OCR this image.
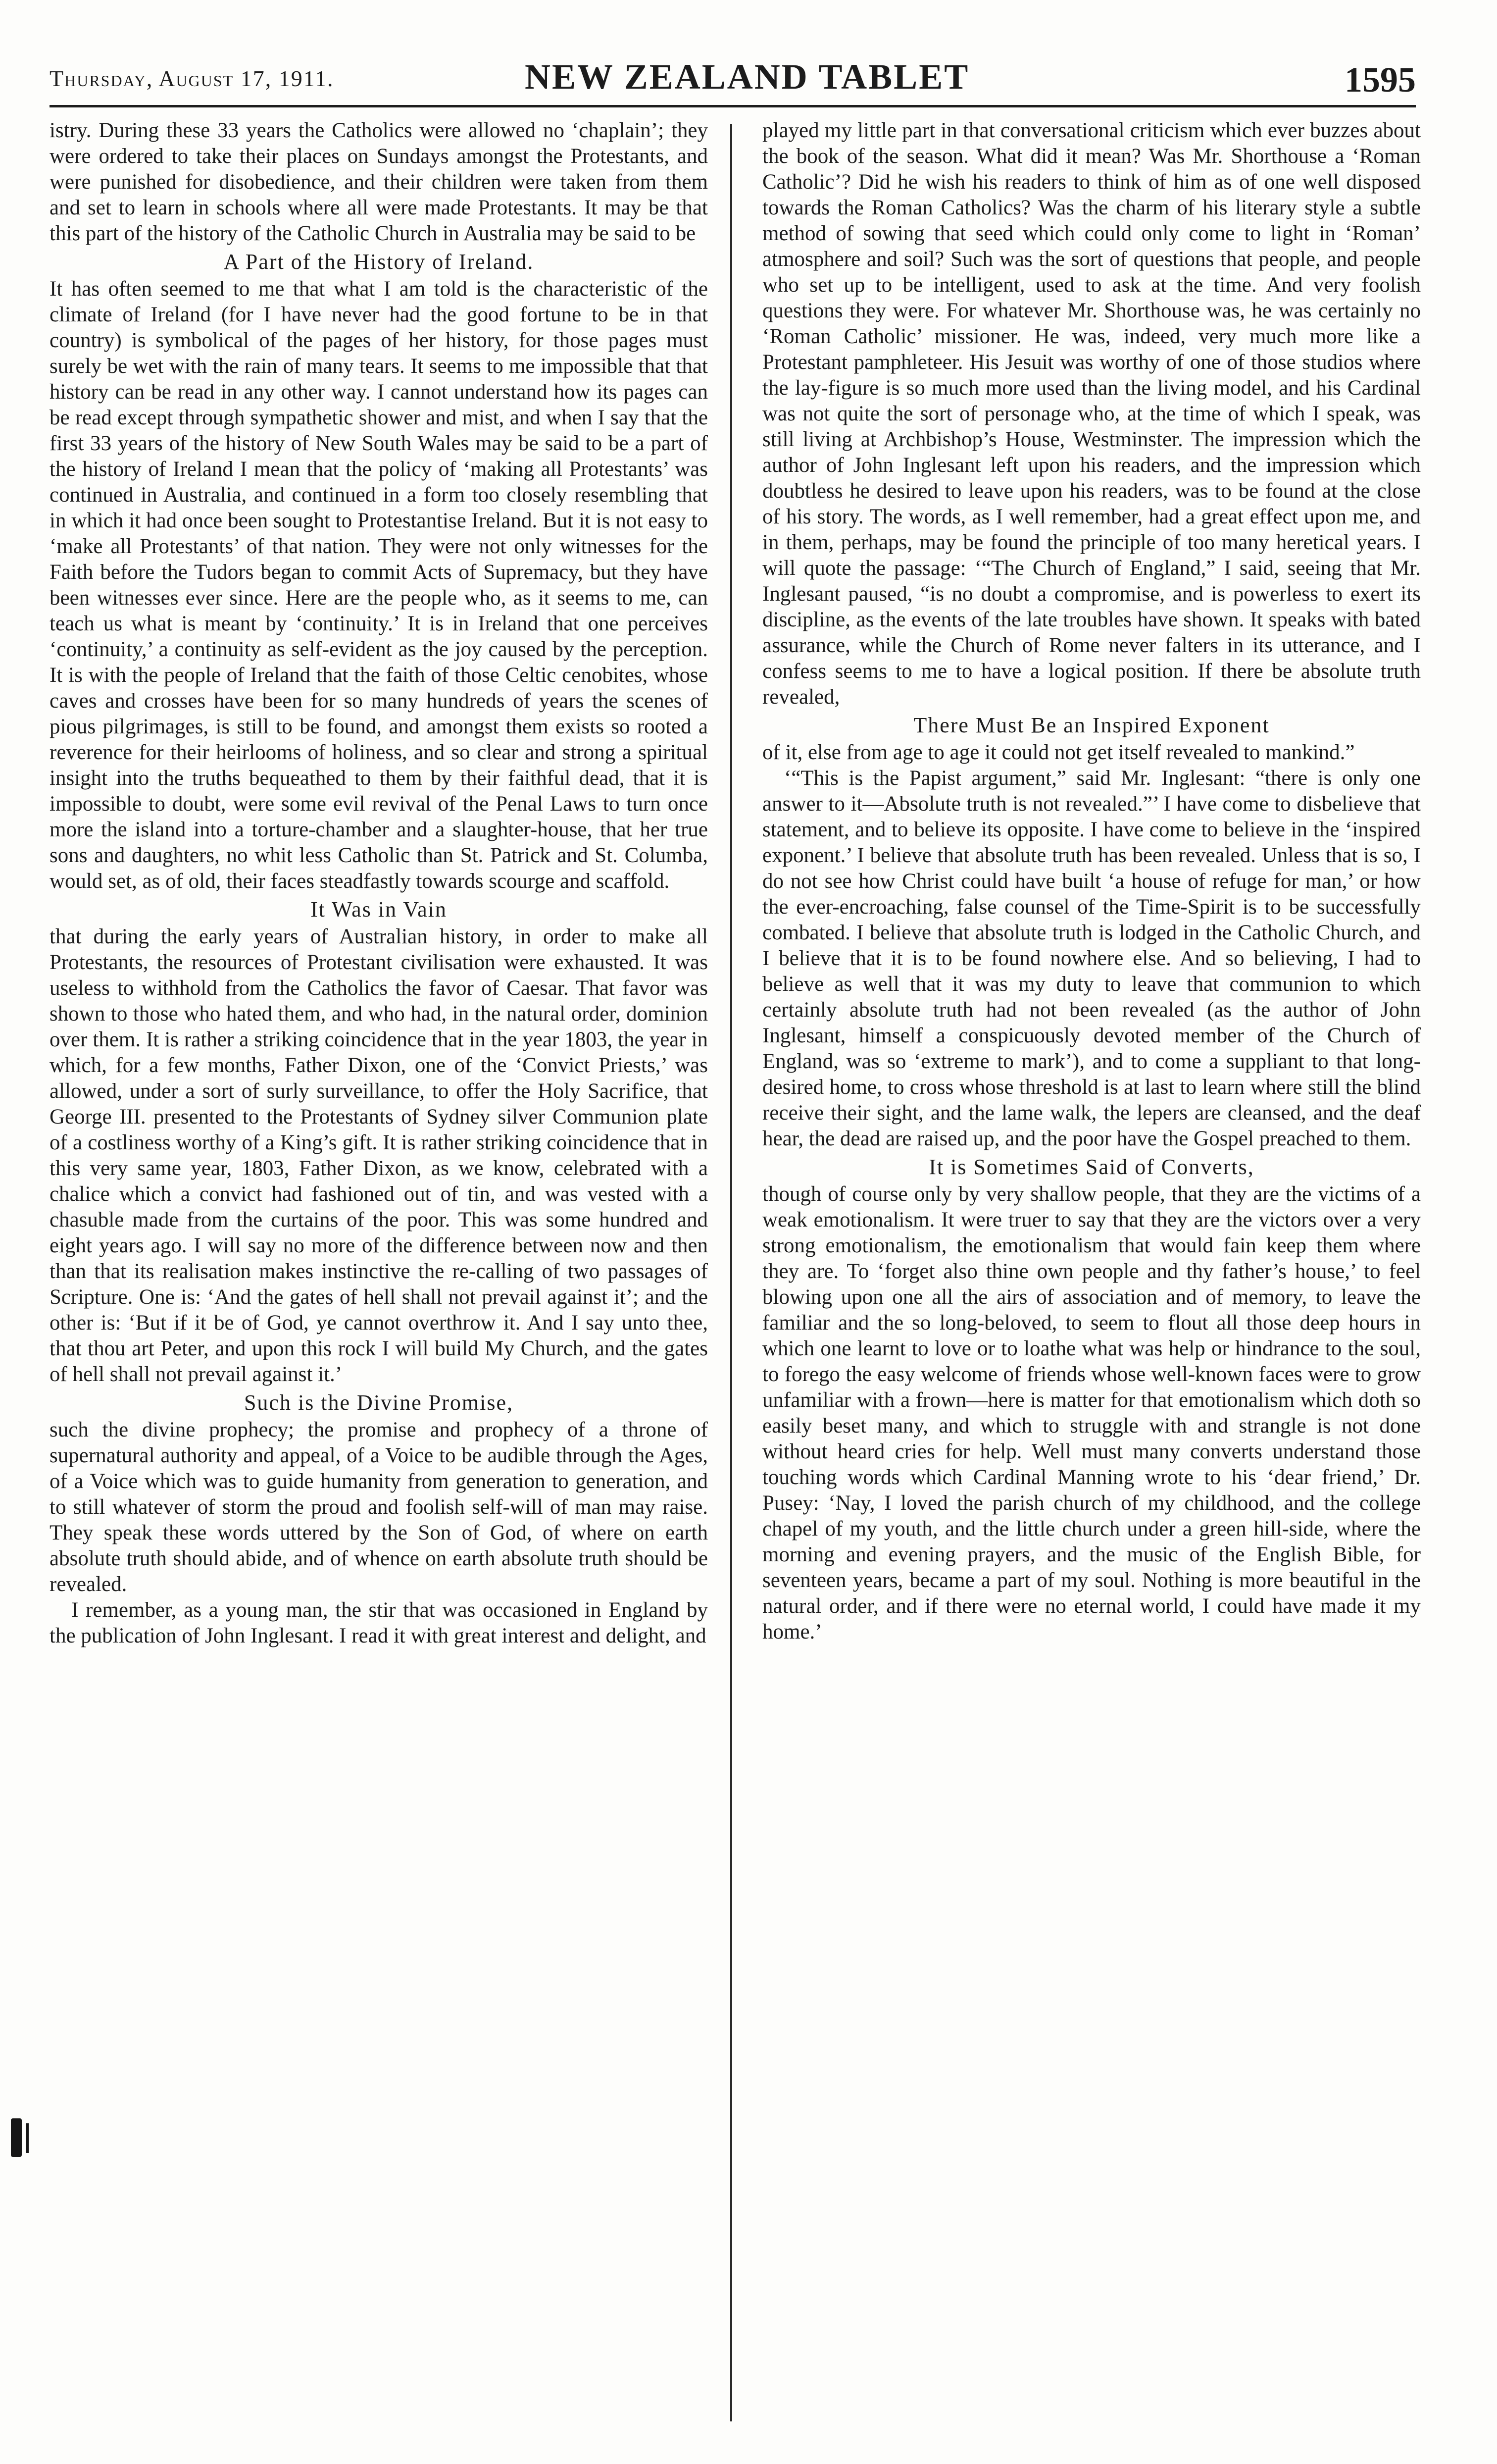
Thursday, August 17, 1911.	NEW ZEALAND TABLET	1595

istry. During these 33 years the Catholics were allowed no ‘chaplain’; they were ordered to take their places on Sundays amongst the Protestants, and were punished for disobedience, and their children were taken from them and set to learn in schools where all were made Protestants. It may be that this part of the history of the Catholic Church in Australia may be said to be

A Part of the History of Ireland.

It has often seemed to me that what I am told is the characteristic of the climate of Ireland (for I have never had the good fortune to be in that country) is symbolical of the pages of her history, for those pages must surely be wet with the rain of many tears. It seems to me impossible that that history can be read in any other way. I cannot understand how its pages can be read except through sympathetic shower and mist, and when I say that the first 33 years of the history of New South Wales may be said to be a part of the history of Ireland I mean that the policy of ‘making all Protestants’ was continued in Australia, and continued in a form too closely resembling that in which it had once been sought to Protestantise Ireland. But it is not easy to ‘make all Protestants’ of that nation. They were not only witnesses for the Faith before the Tudors began to commit Acts of Supremacy, but they have been witnesses ever since. Here are the people who, as it seems to me, can teach us what is meant by ‘continuity.’ It is in Ireland that one perceives ‘continuity,’ a continuity as self-evident as the joy caused by the perception. It is with the people of Ireland that the faith of those Celtic cenobites, whose caves and crosses have been for so many hundreds of years the scenes of pious pilgrimages, is still to be found, and amongst them exists so rooted a reverence for their heirlooms of holiness, and so clear and strong a spiritual insight into the truths bequeathed to them by their faithful dead, that it is impossible to doubt, were some evil revival of the Penal Laws to turn once more the island into a torture-chamber and a slaughter-house, that her true sons and daughters, no whit less Catholic than St. Patrick and St. Columba, would set, as of old, their faces steadfastly towards scourge and scaffold.

It Was in Vain

that during the early years of Australian history, in order to make all Protestants, the resources of Protestant civilisation were exhausted. It was useless to withhold from the Catholics the favor of Caesar. That favor was shown to those who hated them, and who had, in the natural order, dominion over them. It is rather a striking coincidence that in the year 1803, the year in which, for a few months, Father Dixon, one of the ‘Convict Priests,’ was allowed, under a sort of surly surveillance, to offer the Holy Sacrifice, that George III. presented to the Protestants of Sydney silver Communion plate of a costliness worthy of a King’s gift. It is rather striking coincidence that in this very same year, 1803, Father Dixon, as we know, celebrated with a chalice which a convict had fashioned out of tin, and was vested with a chasuble made from the curtains of the poor. This was some hundred and eight years ago. I will say no more of the difference between now and then than that its realisation makes instinctive the re-calling of two passages of Scripture. One is: ‘And the gates of hell shall not prevail against it’; and the other is: ‘But if it be of God, ye cannot overthrow it. And I say unto thee, that thou art Peter, and upon this rock I will build My Church, and the gates of hell shall not prevail against it.’

Such is the Divine Promise,

such the divine prophecy; the promise and prophecy of a throne of supernatural authority and appeal, of a Voice to be audible through the Ages, of a Voice which was to guide humanity from generation to generation, and to still whatever of storm the proud and foolish self-will of man may raise. They speak these words uttered by the Son of God, of where on earth absolute truth should abide, and of whence on earth absolute truth should be revealed.

I remember, as a young man, the stir that was occasioned in England by the publication of John Inglesant. I read it with great interest and delight, and

played my little part in that conversational criticism which ever buzzes about the book of the season. What did it mean? Was Mr. Shorthouse a ‘Roman Catholic’? Did he wish his readers to think of him as of one well disposed towards the Roman Catholics? Was the charm of his literary style a subtle method of sowing that seed which could only come to light in ‘Roman’ atmosphere and soil? Such was the sort of questions that people, and people who set up to be intelligent, used to ask at the time. And very foolish questions they were. For whatever Mr. Shorthouse was, he was certainly no ‘Roman Catholic’ missioner. He was, indeed, very much more like a Protestant pamphleteer. His Jesuit was worthy of one of those studios where the lay-figure is so much more used than the living model, and his Cardinal was not quite the sort of personage who, at the time of which I speak, was still living at Archbishop’s House, Westminster. The impression which the author of John Inglesant left upon his readers, and the impression which doubtless he desired to leave upon his readers, was to be found at the close of his story. The words, as I well remember, had a great effect upon me, and in them, perhaps, may be found the principle of too many heretical years. I will quote the passage: ‘“The Church of England,” I said, seeing that Mr. Inglesant paused, “is no doubt a compromise, and is powerless to exert its discipline, as the events of the late troubles have shown. It speaks with bated assurance, while the Church of Rome never falters in its utterance, and I confess seems to me to have a logical position. If there be absolute truth revealed,

There Must Be an Inspired Exponent

of it, else from age to age it could not get itself revealed to mankind.”

‘“This is the Papist argument,” said Mr. Inglesant: “there is only one answer to it—Absolute truth is not revealed.”’ I have come to disbelieve that statement, and to believe its opposite. I have come to believe in the ‘inspired exponent.’ I believe that absolute truth has been revealed. Unless that is so, I do not see how Christ could have built ‘a house of refuge for man,’ or how the ever-encroaching, false counsel of the Time-Spirit is to be successfully combated. I believe that absolute truth is lodged in the Catholic Church, and I believe that it is to be found nowhere else. And so believing, I had to believe as well that it was my duty to leave that communion to which certainly absolute truth had not been revealed (as the author of John Inglesant, himself a conspicuously devoted member of the Church of England, was so ‘extreme to mark’), and to come a suppliant to that long-desired home, to cross whose threshold is at last to learn where still the blind receive their sight, and the lame walk, the lepers are cleansed, and the deaf hear, the dead are raised up, and the poor have the Gospel preached to them.

It is Sometimes Said of Converts,

though of course only by very shallow people, that they are the victims of a weak emotionalism. It were truer to say that they are the victors over a very strong emotionalism, the emotionalism that would fain keep them where they are. To ‘forget also thine own people and thy father’s house,’ to feel blowing upon one all the airs of association and of memory, to leave the familiar and the so long-beloved, to seem to flout all those deep hours in which one learnt to love or to loathe what was help or hindrance to the soul, to forego the easy welcome of friends whose well-known faces were to grow unfamiliar with a frown—here is matter for that emotionalism which doth so easily beset many, and which to struggle with and strangle is not done without heard cries for help. Well must many converts understand those touching words which Cardinal Manning wrote to his ‘dear friend,’ Dr. Pusey: ‘Nay, I loved the parish church of my childhood, and the college chapel of my youth, and the little church under a green hill-side, where the morning and evening prayers, and the music of the English Bible, for seventeen years, became a part of my soul. Nothing is more beautiful in the natural order, and if there were no eternal world, I could have made it my home.’
